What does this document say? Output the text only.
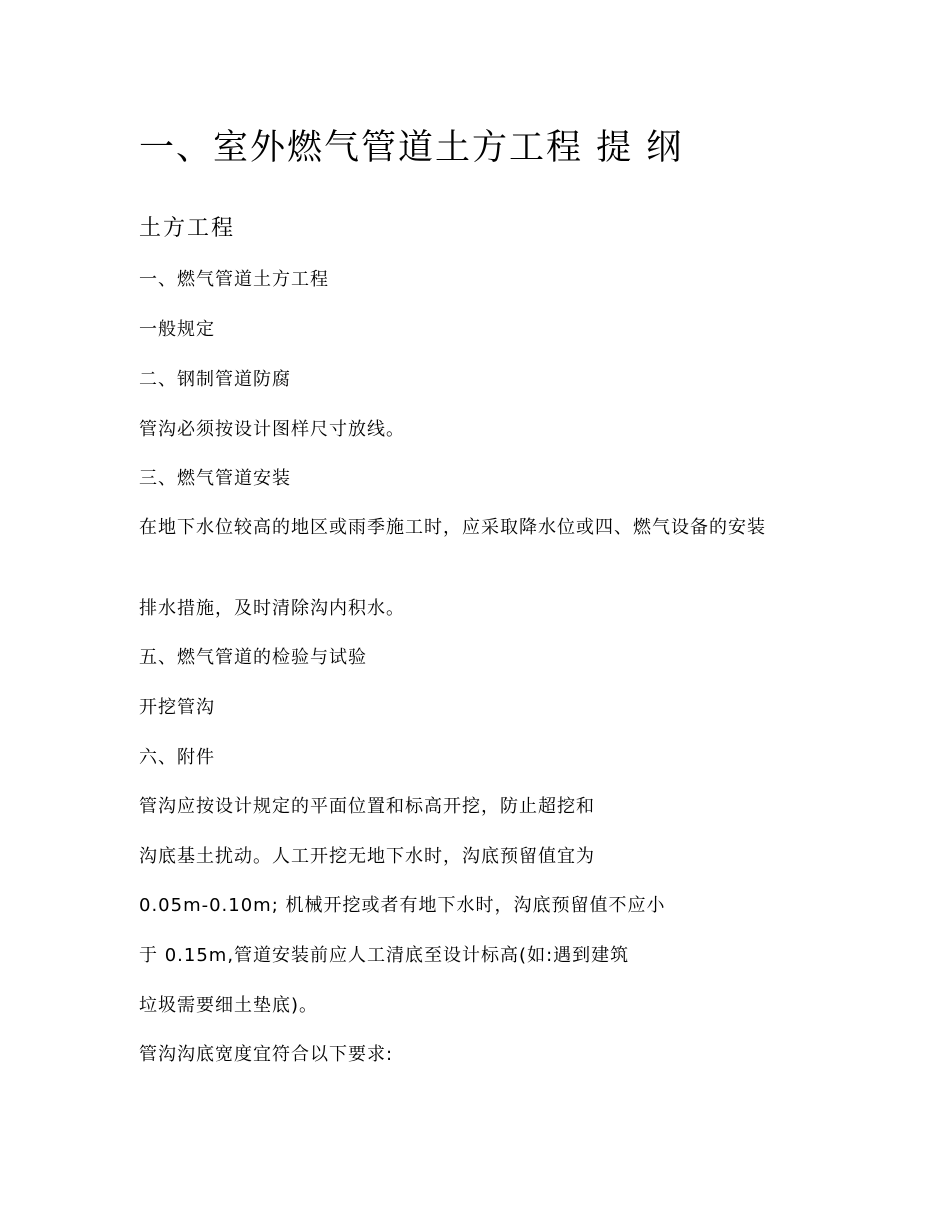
一、室外燃气管道土方工程 提 纲
土方工程

一、燃气管道土方工程

一般规定

二、钢制管道防腐

管沟必须按设计图样尺寸放线。

三、燃气管道安装

在地下水位较高的地区或雨季施工时，应采取降水位或四、燃气设备的安装

排水措施，及时清除沟内积水。

五、燃气管道的检验与试验

开挖管沟

六、附件

管沟应按设计规定的平面位置和标高开挖，防止超挖和

沟底基土扰动。人工开挖无地下水时，沟底预留值宜为

0.05m-0.10m; 机械开挖或者有地下水时，沟底预留值不应小

于 0.15m,管道安装前应人工清底至设计标高(如:遇到建筑

垃圾需要细土垫底)。

管沟沟底宽度宜符合以下要求:
